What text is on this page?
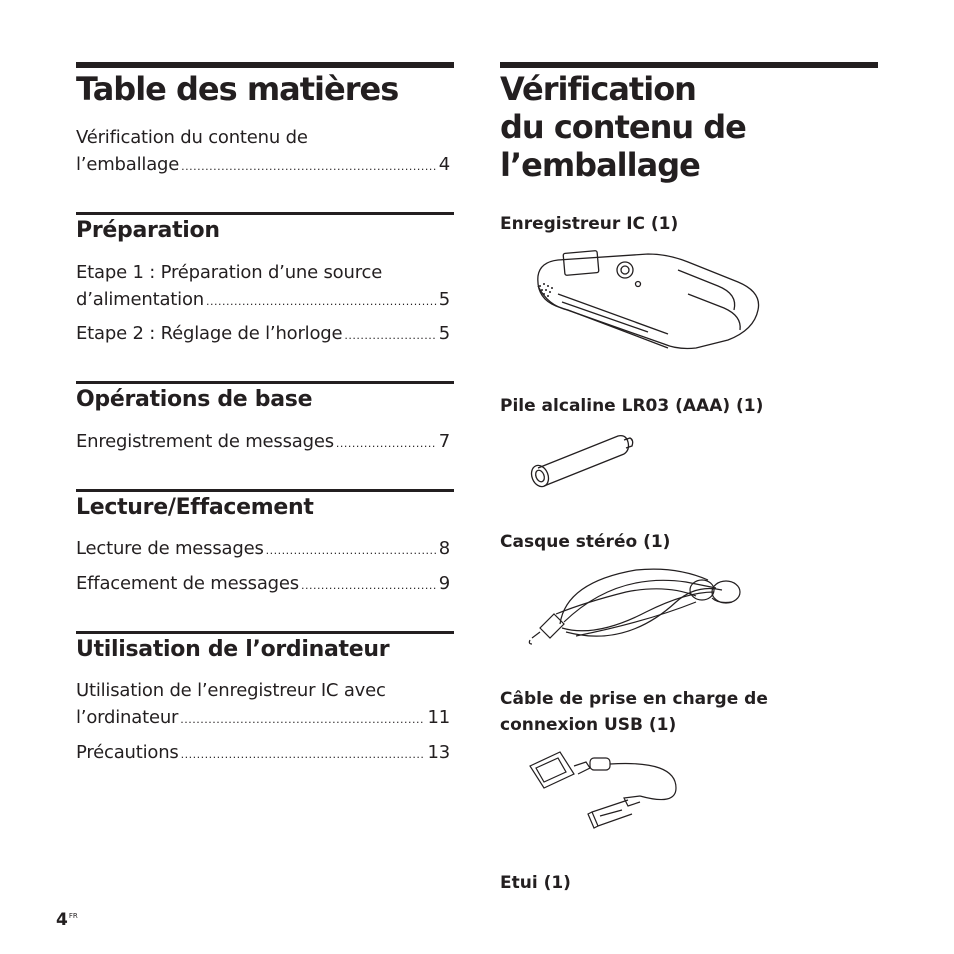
Table des matières
Vérification du contenu de
l’emballage .....	4
Préparation
Etape 1 : Préparation d’une source
d’alimentation .....	5
Etape 2 : Réglage de l’horloge .....	5
Opérations de base
Enregistrement de messages .....	7
Lecture/Effacement
Lecture de messages .....	8
Effacement de messages .....	9
Utilisation de l’ordinateur
Utilisation de l’enregistreur IC avec
l’ordinateur .....	11
Précautions .....	13
Vérification
du contenu de
l’emballage
Enregistreur IC (1)
Pile alcaline LR03 (AAA) (1)
Casque stéréo (1)
Câble de prise en charge de
connexion USB (1)
Etui (1)
$4^{FR}$
